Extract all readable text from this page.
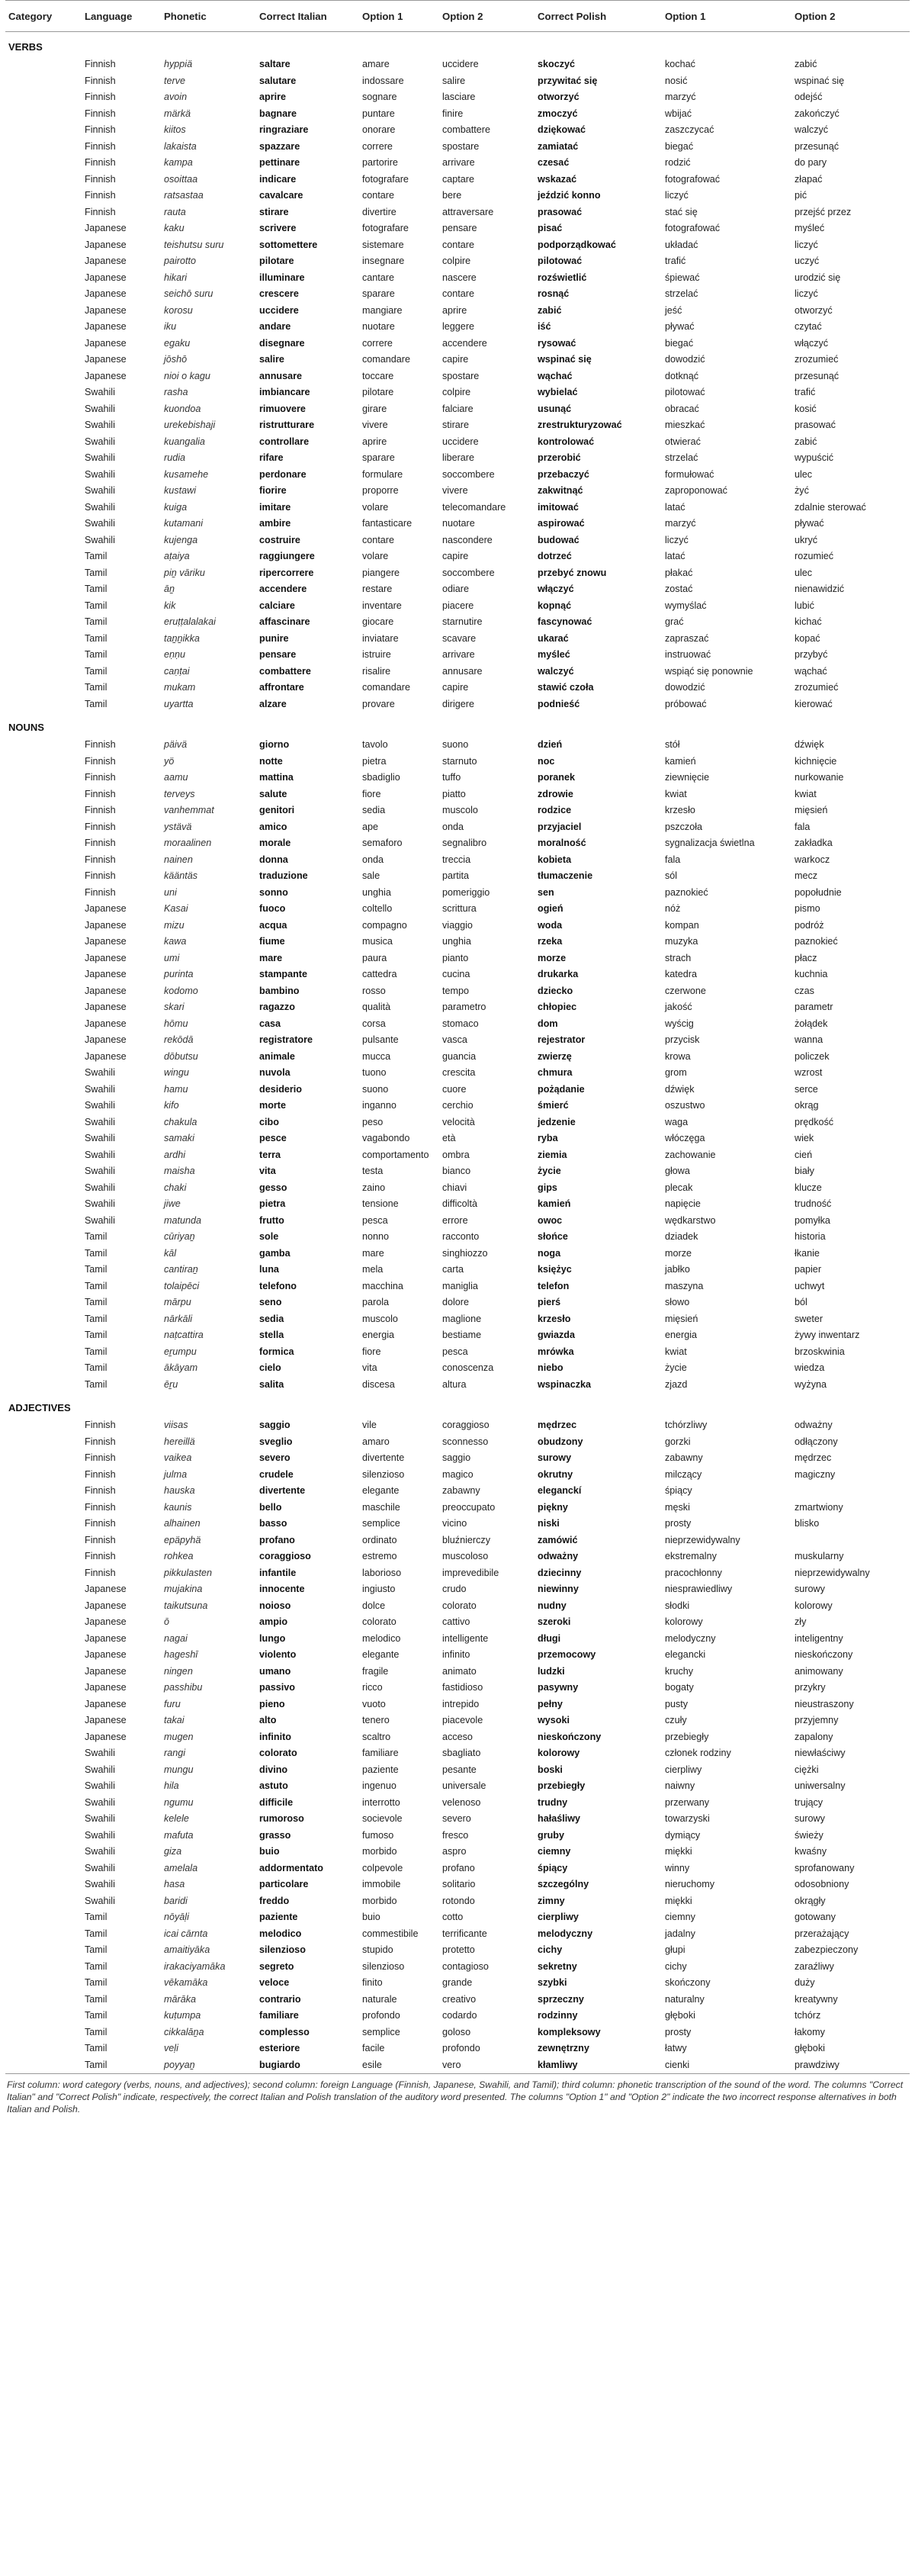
Category	Language	Phonetic	Correct Italian	Option 1	Option 2	Correct Polish	Option 1	Option 2
VERBS								
	Finnish	hyppiä	saltare	amare	uccidere	skoczyć	kochać	zabić
	Finnish	terve	salutare	indossare	salire	przywitać się	nosić	wspinać się
	Finnish	avoin	aprire	sognare	lasciare	otworzyć	marzyć	odejść
	Finnish	märkä	bagnare	puntare	finire	zmoczyć	wbijać	zakończyć
	Finnish	kiitos	ringraziare	onorare	combattere	dziękować	zaszczycać	walczyć
	Finnish	lakaista	spazzare	correre	spostare	zamiatać	biegać	przesunąć
	Finnish	kampa	pettinare	partorire	arrivare	czesać	rodzić	do pary
	Finnish	osoittaa	indicare	fotografare	captare	wskazać	fotografować	złapać
	Finnish	ratsastaa	cavalcare	contare	bere	jeździć konno	liczyć	pić
	Finnish	rauta	stirare	divertire	attraversare	prasować	stać się	przejść przez
	Japanese	kaku	scrivere	fotografare	pensare	pisać	fotografować	myśleć
	Japanese	teishutsu suru	sottomettere	sistemare	contare	podporządkować	układać	liczyć
	Japanese	pairotto	pilotare	insegnare	colpire	pilotować	trafić	uczyć
	Japanese	hikari	illuminare	cantare	nascere	rozświetlić	śpiewać	urodzić się
	Japanese	seichō suru	crescere	sparare	contare	rosnąć	strzelać	liczyć
	Japanese	korosu	uccidere	mangiare	aprire	zabić	jeść	otworzyć
	Japanese	iku	andare	nuotare	leggere	iść	pływać	czytać
	Japanese	egaku	disegnare	correre	accendere	rysować	biegać	włączyć
	Japanese	jōshō	salire	comandare	capire	wspinać się	dowodzić	zrozumieć
	Japanese	nioi o kagu	annusare	toccare	spostare	wąchać	dotknąć	przesunąć
	Swahili	rasha	imbiancare	pilotare	colpire	wybielać	pilotować	trafić
	Swahili	kuondoa	rimuovere	girare	falciare	usunąć	obracać	kosić
	Swahili	urekebishaji	ristrutturare	vivere	stirare	zrestrukturyzować	mieszkać	prasować
	Swahili	kuangalia	controllare	aprire	uccidere	kontrolować	otwierać	zabić
	Swahili	rudia	rifare	sparare	liberare	przerobić	strzelać	wypuścić
	Swahili	kusamehe	perdonare	formulare	soccombere	przebaczyć	formułować	ulec
	Swahili	kustawi	fiorire	proporre	vivere	zakwitnąć	zaproponować	żyć
	Swahili	kuiga	imitare	volare	telecomandare	imitować	latać	zdalnie sterować
	Swahili	kutamani	ambire	fantasticare	nuotare	aspirować	marzyć	pływać
	Swahili	kujenga	costruire	contare	nascondere	budować	liczyć	ukryć
	Tamil	aṭaiya	raggiungere	volare	capire	dotrzeć	latać	rozumieć
	Tamil	piṉ vāriku	ripercorrere	piangere	soccombere	przebyć znowu	płakać	ulec
	Tamil	āṉ	accendere	restare	odiare	włączyć	zostać	nienawidzić
	Tamil	kik	calciare	inventare	piacere	kopnąć	wymyślać	lubić
	Tamil	eruṭṭalalakai	affascinare	giocare	starnutire	fascynować	grać	kichać
	Tamil	taṉṉikka	punire	inviatare	scavare	ukarać	zapraszać	kopać
	Tamil	eṇṇu	pensare	istruire	arrivare	myśleć	instruować	przybyć
	Tamil	caṇṭai	combattere	risalire	annusare	walczyć	wspiąć się ponownie	wąchać
	Tamil	mukam	affrontare	comandare	capire	stawić czoła	dowodzić	zrozumieć
	Tamil	uyartta	alzare	provare	dirigere	podnieść	próbować	kierować
NOUNS								
	Finnish	päivä	giorno	tavolo	suono	dzień	stół	dźwięk
	Finnish	yö	notte	pietra	starnuto	noc	kamień	kichnięcie
	Finnish	aamu	mattina	sbadiglio	tuffo	poranek	ziewnięcie	nurkowanie
	Finnish	terveys	salute	fiore	piatto	zdrowie	kwiat	kwiat
	Finnish	vanhemmat	genitori	sedia	muscolo	rodzice	krzesło	mięsień
	Finnish	ystävä	amico	ape	onda	przyjaciel	pszczoła	fala
	Finnish	moraalinen	morale	semaforo	segnalibro	moralność	sygnalizacja świetlna	zakładka
	Finnish	nainen	donna	onda	treccia	kobieta	fala	warkocz
	Finnish	kääntäs	traduzione	sale	partita	tłumaczenie	sól	mecz
	Finnish	uni	sonno	unghia	pomeriggio	sen	paznokieć	popołudnie
	Japanese	Kasai	fuoco	coltello	scrittura	ogień	nóż	pismo
	Japanese	mizu	acqua	compagno	viaggio	woda	kompan	podróż
	Japanese	kawa	fiume	musica	unghia	rzeka	muzyka	paznokieć
	Japanese	umi	mare	paura	pianto	morze	strach	płacz
	Japanese	purinta	stampante	cattedra	cucina	drukarka	katedra	kuchnia
	Japanese	kodomo	bambino	rosso	tempo	dziecko	czerwone	czas
	Japanese	skari	ragazzo	qualità	parametro	chłopiec	jakość	parametr
	Japanese	hōmu	casa	corsa	stomaco	dom	wyścig	żołądek
	Japanese	rekōdā	registratore	pulsante	vasca	rejestrator	przycisk	wanna
	Japanese	dōbutsu	animale	mucca	guancia	zwierzę	krowa	policzek
	Swahili	wingu	nuvola	tuono	crescita	chmura	grom	wzrost
	Swahili	hamu	desiderio	suono	cuore	pożądanie	dźwięk	serce
	Swahili	kifo	morte	inganno	cerchio	śmierć	oszustwo	okrąg
	Swahili	chakula	cibo	peso	velocità	jedzenie	waga	prędkość
	Swahili	samaki	pesce	vagabondo	età	ryba	włóczęga	wiek
	Swahili	ardhi	terra	comportamento	ombra	ziemia	zachowanie	cień
	Swahili	maisha	vita	testa	bianco	życie	głowa	biały
	Swahili	chaki	gesso	zaino	chiavi	gips	plecak	klucze
	Swahili	jiwe	pietra	tensione	difficoltà	kamień	napięcie	trudność
	Swahili	matunda	frutto	pesca	errore	owoc	wędkarstwo	pomyłka
	Tamil	cūriyaṉ	sole	nonno	racconto	słońce	dziadek	historia
	Tamil	kāl	gamba	mare	singhiozzo	noga	morze	łkanie
	Tamil	cantiraṉ	luna	mela	carta	księżyc	jabłko	papier
	Tamil	tolaipēci	telefono	macchina	maniglia	telefon	maszyna	uchwyt
	Tamil	mārpu	seno	parola	dolore	pierś	słowo	ból
	Tamil	nārkāli	sedia	muscolo	maglione	krzesło	mięsień	sweter
	Tamil	naṭcattira	stella	energia	bestiame	gwiazda	energia	żywy inwentarz
	Tamil	eṟumpu	formica	fiore	pesca	mrówka	kwiat	brzoskwinia
	Tamil	ākāyam	cielo	vita	conoscenza	niebo	życie	wiedza
	Tamil	ēṟu	salita	discesa	altura	wspinaczka	zjazd	wyżyna
ADJECTIVES								
	Finnish	viisas	saggio	vile	coraggioso	mędrzec	tchórzliwy	odważny
	Finnish	hereillä	sveglio	amaro	sconnesso	obudzony	gorzki	odłączony
	Finnish	vaikea	severo	divertente	saggio	surowy	zabawny	mędrzec
	Finnish	julma	crudele	silenzioso	magico	okrutny	milczący	magiczny
	Finnish	hauska	divertente	elegante	zabawny	eleganckí	śpiący	
	Finnish	kaunis	bello	maschile	preoccupato	piękny	męski	zmartwiony
	Finnish	alhainen	basso	semplice	vicino	niski	prosty	blisko
	Finnish	epäpyhä	profano	ordinato	bluźnierczy	zamówić	nieprzewidywalny	
	Finnish	rohkea	coraggioso	estremo	muscoloso	odważny	ekstremalny	muskularny
	Finnish	pikkulasten	infantile	laborioso	imprevedibile	dziecinny	pracochłonny	nieprzewidywalny
	Japanese	mujakina	innocente	ingiusto	crudo	niewinny	niesprawiedliwy	surowy
	Japanese	taikutsuna	noioso	dolce	colorato	nudny	słodki	kolorowy
	Japanese	ō	ampio	colorato	cattivo	szeroki	kolorowy	zły
	Japanese	nagai	lungo	melodico	intelligente	długi	melodyczny	inteligentny
	Japanese	hageshī	violento	elegante	infinito	przemocowy	elegancki	nieskończony
	Japanese	ningen	umano	fragile	animato	ludzki	kruchy	animowany
	Japanese	passhibu	passivo	ricco	fastidioso	pasywny	bogaty	przykry
	Japanese	furu	pieno	vuoto	intrepido	pełny	pusty	nieustraszony
	Japanese	takai	alto	tenero	piacevole	wysoki	czuły	przyjemny
	Japanese	mugen	infinito	scaltro	acceso	nieskończony	przebiegły	zapalony
	Swahili	rangi	colorato	familiare	sbagliato	kolorowy	członek rodziny	niewłaściwy
	Swahili	mungu	divino	paziente	pesante	boski	cierpliwy	ciężki
	Swahili	hila	astuto	ingenuo	universale	przebiegły	naiwny	uniwersalny
	Swahili	ngumu	difficile	interrotto	velenoso	trudny	przerwany	trujący
	Swahili	kelele	rumoroso	socievole	severo	hałaśliwy	towarzyski	surowy
	Swahili	mafuta	grasso	fumoso	fresco	gruby	dymiący	świeży
	Swahili	giza	buio	morbido	aspro	ciemny	miękki	kwaśny
	Swahili	amelala	addormentato	colpevole	profano	śpiący	winny	sprofanowany
	Swahili	hasa	particolare	immobile	solitario	szczególny	nieruchomy	odosobniony
	Swahili	baridi	freddo	morbido	rotondo	zimny	miękki	okrągły
	Tamil	nōyāḷi	paziente	buio	cotto	cierpliwy	ciemny	gotowany
	Tamil	icai cārnta	melodico	commestibile	terrificante	melodyczny	jadalny	przerażający
	Tamil	amaitiyāka	silenzioso	stupido	protetto	cichy	głupi	zabezpieczony
	Tamil	irakaciyamāka	segreto	silenzioso	contagioso	sekretny	cichy	zaraźliwy
	Tamil	vēkamāka	veloce	finito	grande	szybki	skończony	duży
	Tamil	mārāka	contrario	naturale	creativo	sprzeczny	naturalny	kreatywny
	Tamil	kuṭumpa	familiare	profondo	codardo	rodzinny	głęboki	tchórz
	Tamil	cikkalāṉa	complesso	semplice	goloso	kompleksowy	prosty	łakomy
	Tamil	veḷi	esteriore	facile	profondo	zewnętrzny	łatwy	głęboki
	Tamil	poyyaṉ	bugiardo	esile	vero	kłamliwy	cienki	prawdziwy
First column: word category (verbs, nouns, and adjectives); second column: foreign Language (Finnish, Japanese, Swahili, and Tamil); third column: phonetic transcription of the sound of the word. The columns "Correct Italian" and "Correct Polish" indicate, respectively, the correct Italian and Polish translation of the auditory word presented. The columns "Option 1" and "Option 2" indicate the two incorrect response alternatives in both Italian and Polish.
